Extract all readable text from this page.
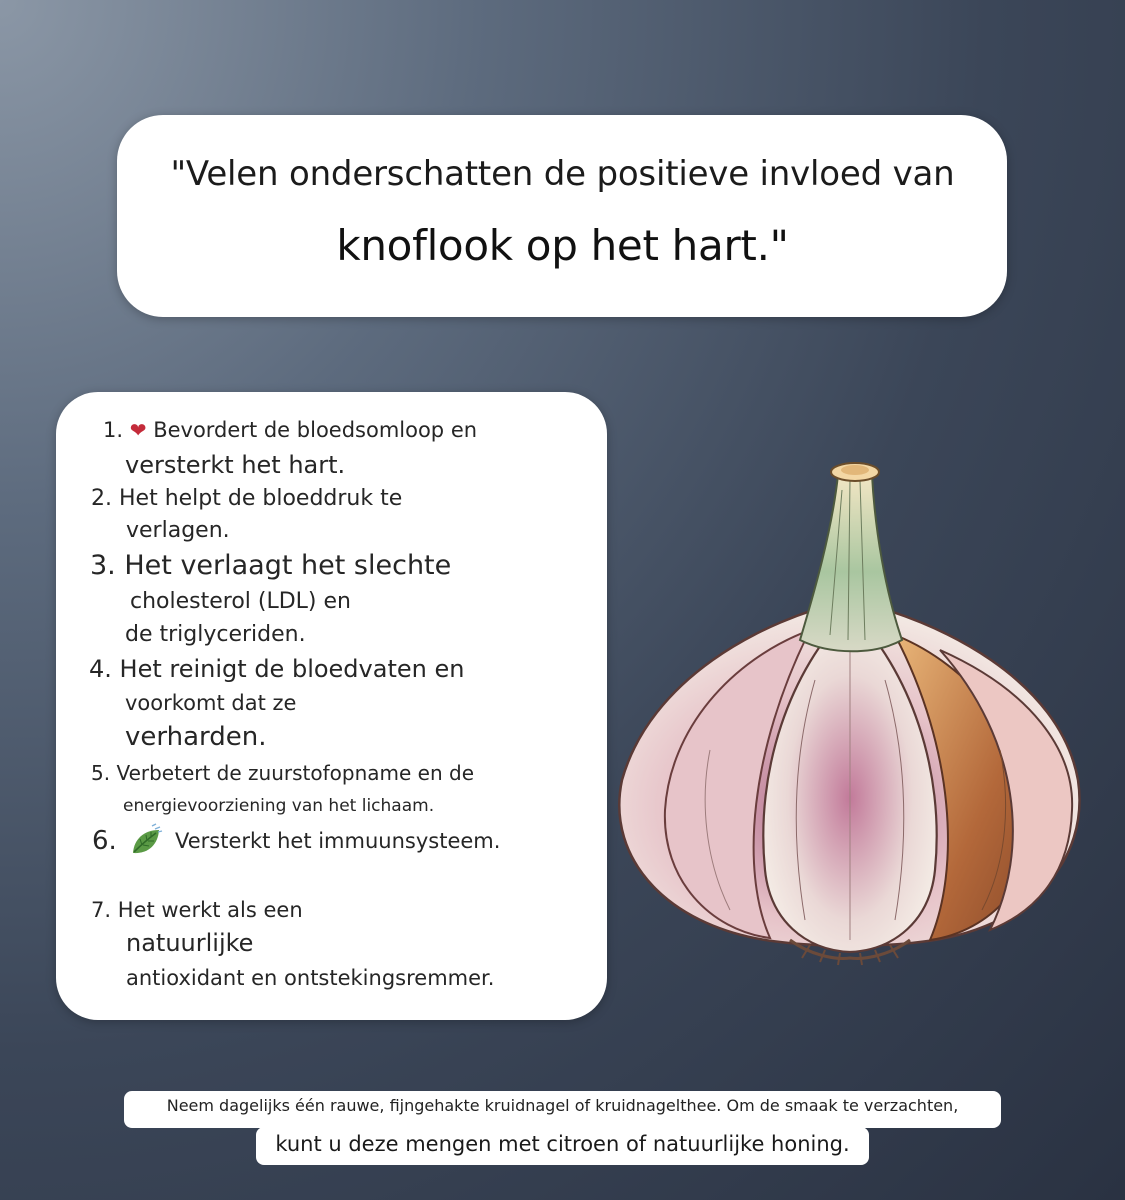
"Velen onderschatten de positieve invloed van
knoflook op het hart."
1. ❤ Bevordert de bloedsomloop en
versterkt het hart.
2. Het helpt de bloeddruk te
verlagen.
3. Het verlaagt het slechte
cholesterol (LDL) en
de triglyceriden.
4. Het reinigt de bloedvaten en
voorkomt dat ze
verharden.
5. Verbetert de zuurstofopname en de
energievoorziening van het lichaam.
6.	Versterkt het immuunsysteem.
7. Het werkt als een
natuurlijke
antioxidant en ontstekingsremmer.
Neem dagelijks één rauwe, fijngehakte kruidnagel of kruidnagelthee. Om de smaak te verzachten,
kunt u deze mengen met citroen of natuurlijke honing.
